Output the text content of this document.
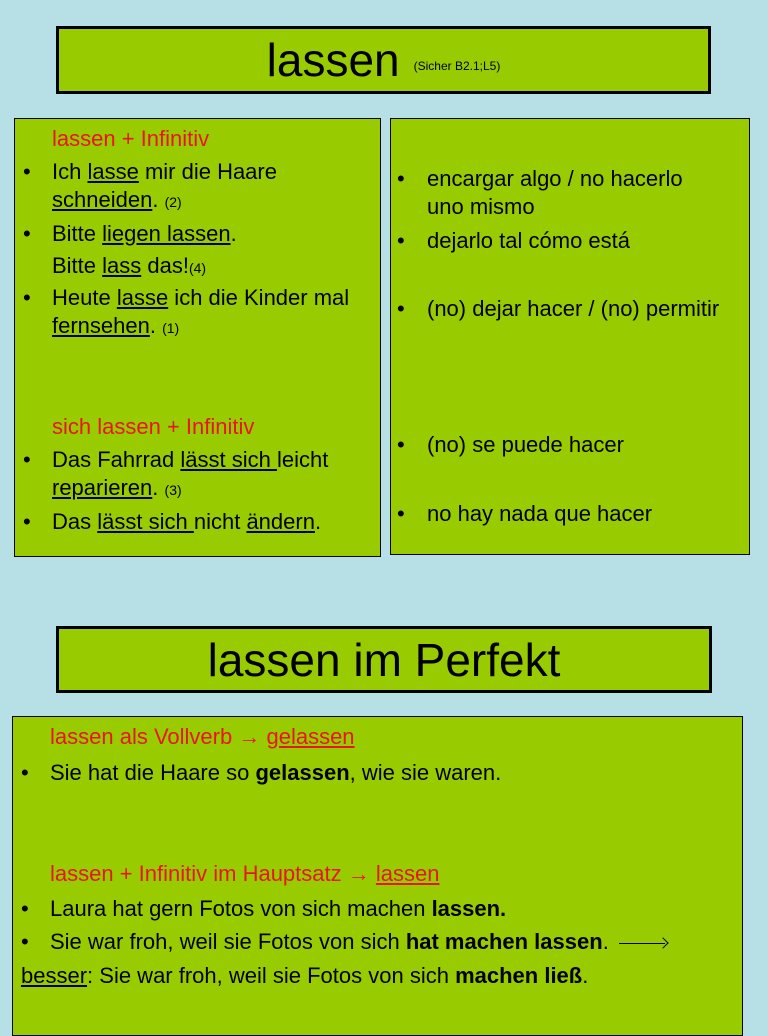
lassen (Sicher B2.1;L5)
lassen + Infinitiv
• Ich lasse mir die Haare
schneiden. (2)
• Bitte liegen lassen.
Bitte lass das!(4)
• Heute lasse ich die Kinder mal
fernsehen. (1)
sich lassen + Infinitiv
• Das Fahrrad lässt sich leicht
reparieren. (3)
• Das lässt sich nicht ändern.
• encargar algo / no hacerlo
uno mismo
• dejarlo tal cómo está
• (no) dejar hacer / (no) permitir
• (no) se puede hacer
• no hay nada que hacer
lassen im Perfekt
lassen als Vollverb → gelassen
• Sie hat die Haare so gelassen, wie sie waren.
lassen + Infinitiv im Hauptsatz → lassen
• Laura hat gern Fotos von sich machen lassen.
• Sie war froh, weil sie Fotos von sich hat machen lassen.
besser: Sie war froh, weil sie Fotos von sich machen ließ.
